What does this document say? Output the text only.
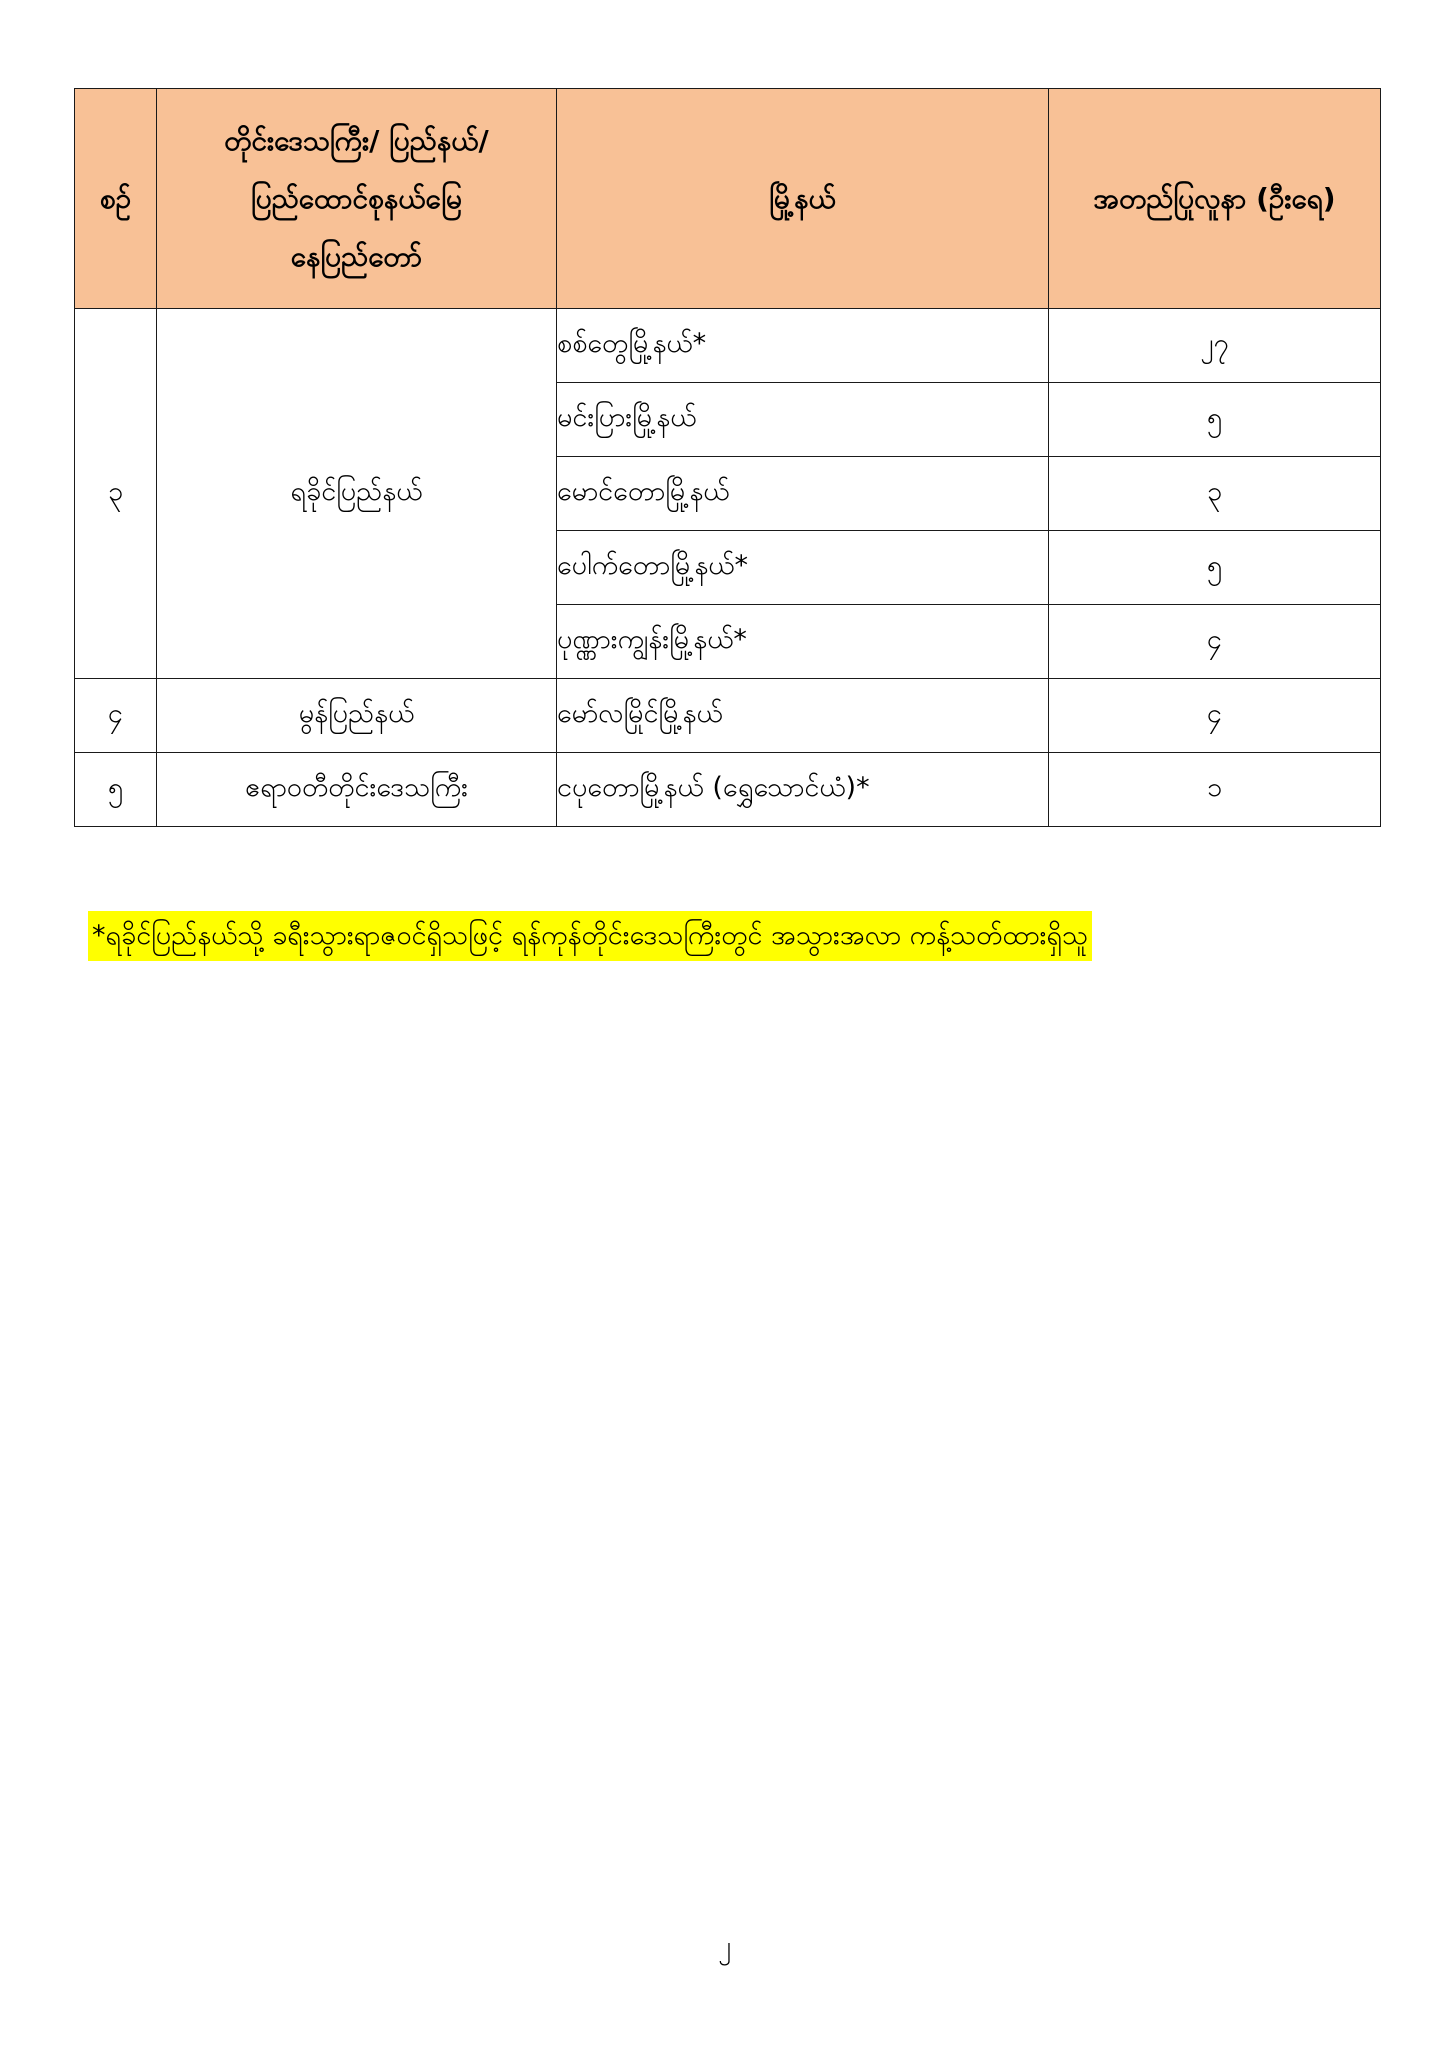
စဉ်	တိုင်းဒေသကြီး/ ပြည်နယ်/
ပြည်ထောင်စုနယ်မြေ
နေပြည်တော်	မြို့နယ်	အတည်ပြုလူနာ (ဦးရေ)
၃	ရခိုင်ပြည်နယ်	စစ်တွေမြို့နယ်*	၂၇
		မင်းပြားမြို့နယ်	၅
		မောင်တောမြို့နယ်	၃
		ပေါက်တောမြို့နယ်*	၅
		ပုဏ္ဏားကျွန်းမြို့နယ်*	၄
၄	မွန်ပြည်နယ်	မော်လမြိုင်မြို့နယ်	၄
၅	ဧရာဝတီတိုင်းဒေသကြီး	ငပုတောမြို့နယ် (ရွှေသောင်ယံ)*	၁
*ရခိုင်ပြည်နယ်သို့ ခရီးသွားရာဇဝင်ရှိသဖြင့် ရန်ကုန်တိုင်းဒေသကြီးတွင် အသွားအလာ ကန့်သတ်ထားရှိသူ
၂
